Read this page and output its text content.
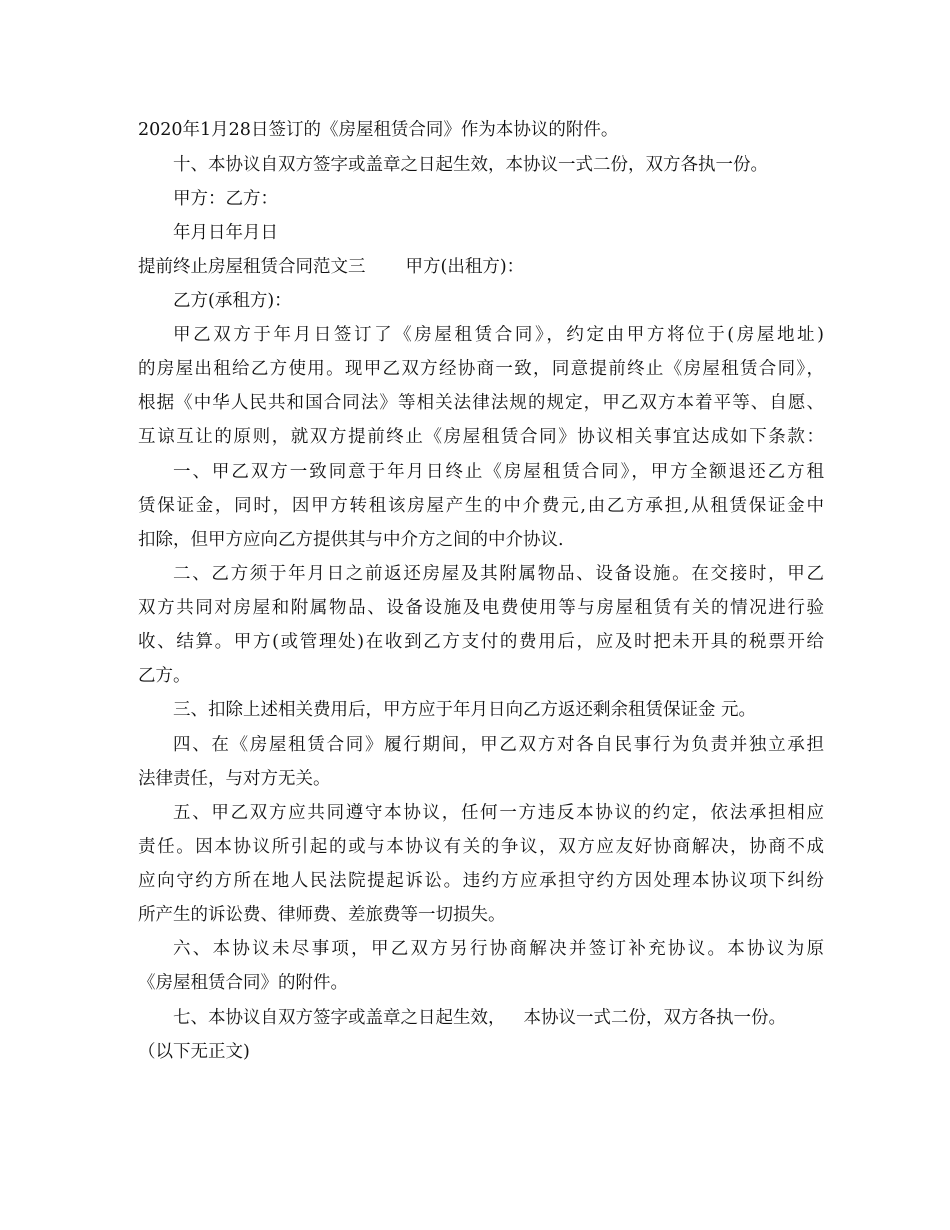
2020年1月28日签订的《房屋租赁合同》作为本协议的附件。
十、本协议自双方签字或盖章之日起生效，本协议一式二份，双方各执一份。
甲方：乙方：
年月日年月日
提前终止房屋租赁合同范文三 甲方(出租方)：
乙方(承租方)：
甲乙双方于年月日签订了《房屋租赁合同》，约定由甲方将位于(房屋地址)
的房屋出租给乙方使用。现甲乙双方经协商一致，同意提前终止《房屋租赁合同》，
根据《中华人民共和国合同法》等相关法律法规的规定，甲乙双方本着平等、自愿、
互谅互让的原则，就双方提前终止《房屋租赁合同》协议相关事宜达成如下条款：
一、甲乙双方一致同意于年月日终止《房屋租赁合同》，甲方全额退还乙方租
赁保证金，同时，因甲方转租该房屋产生的中介费元,由乙方承担,从租赁保证金中
扣除，但甲方应向乙方提供其与中介方之间的中介协议.
二、乙方须于年月日之前返还房屋及其附属物品、设备设施。在交接时，甲乙
双方共同对房屋和附属物品、设备设施及电费使用等与房屋租赁有关的情况进行验
收、结算。甲方(或管理处)在收到乙方支付的费用后，应及时把未开具的税票开给
乙方。
三、扣除上述相关费用后，甲方应于年月日向乙方返还剩余租赁保证金 元。
四、在《房屋租赁合同》履行期间，甲乙双方对各自民事行为负责并独立承担
法律责任，与对方无关。
五、甲乙双方应共同遵守本协议，任何一方违反本协议的约定，依法承担相应
责任。因本协议所引起的或与本协议有关的争议，双方应友好协商解决，协商不成
应向守约方所在地人民法院提起诉讼。违约方应承担守约方因处理本协议项下纠纷
所产生的诉讼费、律师费、差旅费等一切损失。
六、本协议未尽事项，甲乙双方另行协商解决并签订补充协议。本协议为原
《房屋租赁合同》的附件。
七、本协议自双方签字或盖章之日起生效， 本协议一式二份，双方各执一份。
（以下无正文)
